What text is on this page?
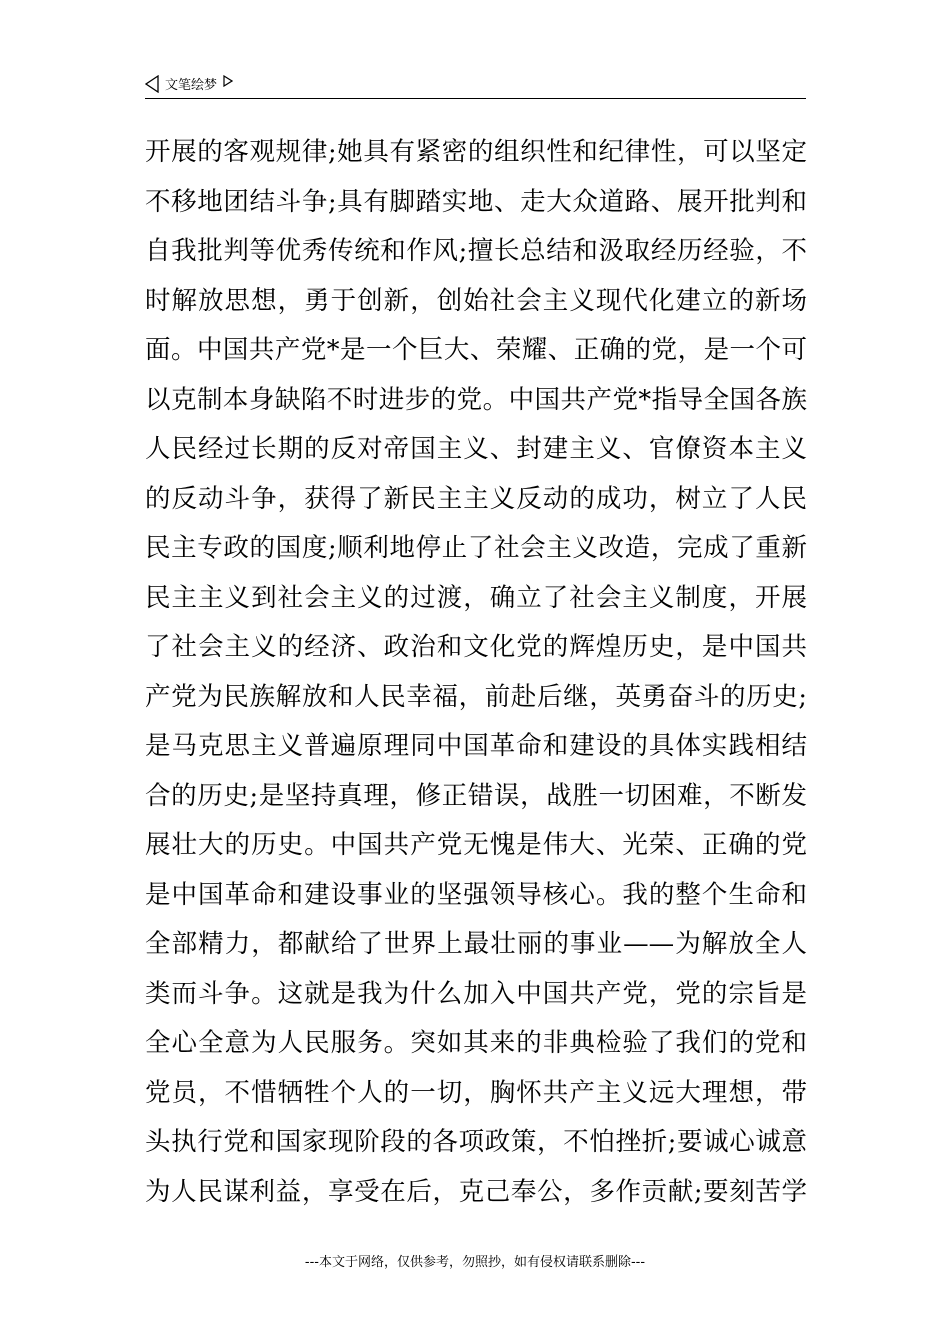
文笔绘梦
开展的客观规律;她具有紧密的组织性和纪律性，可以坚定
不移地团结斗争;具有脚踏实地、走大众道路、展开批判和
自我批判等优秀传统和作风;擅长总结和汲取经历经验，不
时解放思想，勇于创新，创始社会主义现代化建立的新场
面。中国共产党*是一个巨大、荣耀、正确的党，是一个可
以克制本身缺陷不时进步的党。中国共产党*指导全国各族
人民经过长期的反对帝国主义、封建主义、官僚资本主义
的反动斗争，获得了新民主主义反动的成功，树立了人民
民主专政的国度;顺利地停止了社会主义改造，完成了重新
民主主义到社会主义的过渡，确立了社会主义制度，开展
了社会主义的经济、政治和文化党的辉煌历史，是中国共
产党为民族解放和人民幸福，前赴后继，英勇奋斗的历史;
是马克思主义普遍原理同中国革命和建设的具体实践相结
合的历史;是坚持真理，修正错误，战胜一切困难，不断发
展壮大的历史。中国共产党无愧是伟大、光荣、正确的党
是中国革命和建设事业的坚强领导核心。我的整个生命和
全部精力，都献给了世界上最壮丽的事业——为解放全人
类而斗争。这就是我为什么加入中国共产党，党的宗旨是
全心全意为人民服务。突如其来的非典检验了我们的党和
党员，不惜牺牲个人的一切，胸怀共产主义远大理想，带
头执行党和国家现阶段的各项政策，不怕挫折;要诚心诚意
为人民谋利益，享受在后，克己奉公，多作贡献;要刻苦学
---本文于网络，仅供参考，勿照抄，如有侵权请联系删除---
